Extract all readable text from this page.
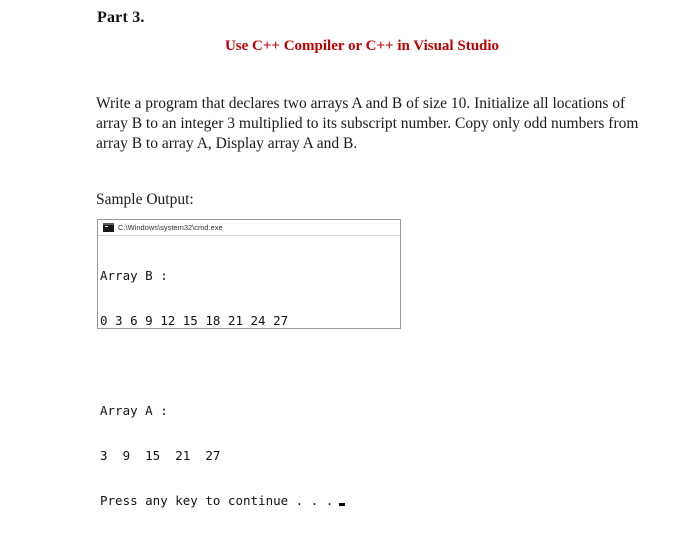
Part 3.
Use C++ Compiler or C++ in Visual Studio
Write a program that declares two arrays A and B of size 10. Initialize all locations of array B to an integer 3 multiplied to its subscript number. Copy only odd numbers from array B to array A, Display array A and B.
Sample Output:
C:\Windows\system32\cmd.exe

Array B :

0 3 6 9 12 15 18 21 24 27

Array A :

3  9  15  21  27

Press any key to continue . . .
